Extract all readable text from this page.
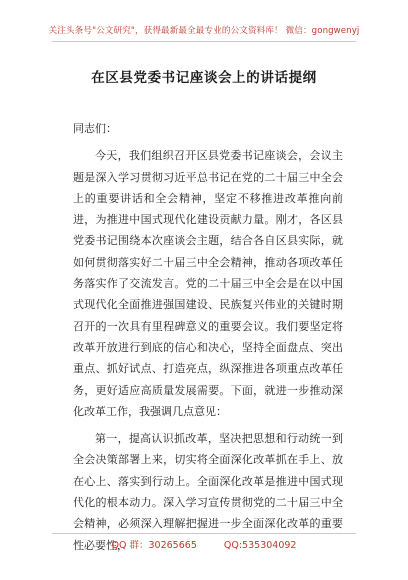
关注头条号"公文研究"，获得最新最全最专业的公文资料库！ 微信：gongwenyj
在区县党委书记座谈会上的讲话提纲

同志们：

今天，我们组织召开区县党委书记座谈会，会议主题是深入学习贯彻习近平总书记在党的二十届三中全会上的重要讲话和全会精神，坚定不移推进改革推向前进，为推进中国式现代化建设贡献力量。刚才，各区县党委书记围绕本次座谈会主题，结合各自区县实际，就如何贯彻落实好二十届三中全会精神，推动各项改革任务落实作了交流发言。党的二十届三中全会是在以中国式现代化全面推进强国建设、民族复兴伟业的关键时期召开的一次具有里程碑意义的重要会议。我们要坚定将改革开放进行到底的信心和决心，坚持全面盘点、突出重点、抓好试点、打造亮点，纵深推进各项重点改革任务，更好适应高质量发展需要。下面，就进一步推动深化改革工作，我强调几点意见：

第一，提高认识抓改革，坚决把思想和行动统一到全会决策部署上来，切实将全面深化改革抓在手上、放在心上、落实到行动上。全面深化改革是推进中国式现代化的根本动力。深入学习宣传贯彻党的二十届三中全会精神，必须深入理解把握进一步全面深化改革的重要性必要性，

QQ 群：30265665	QQ:535304092
